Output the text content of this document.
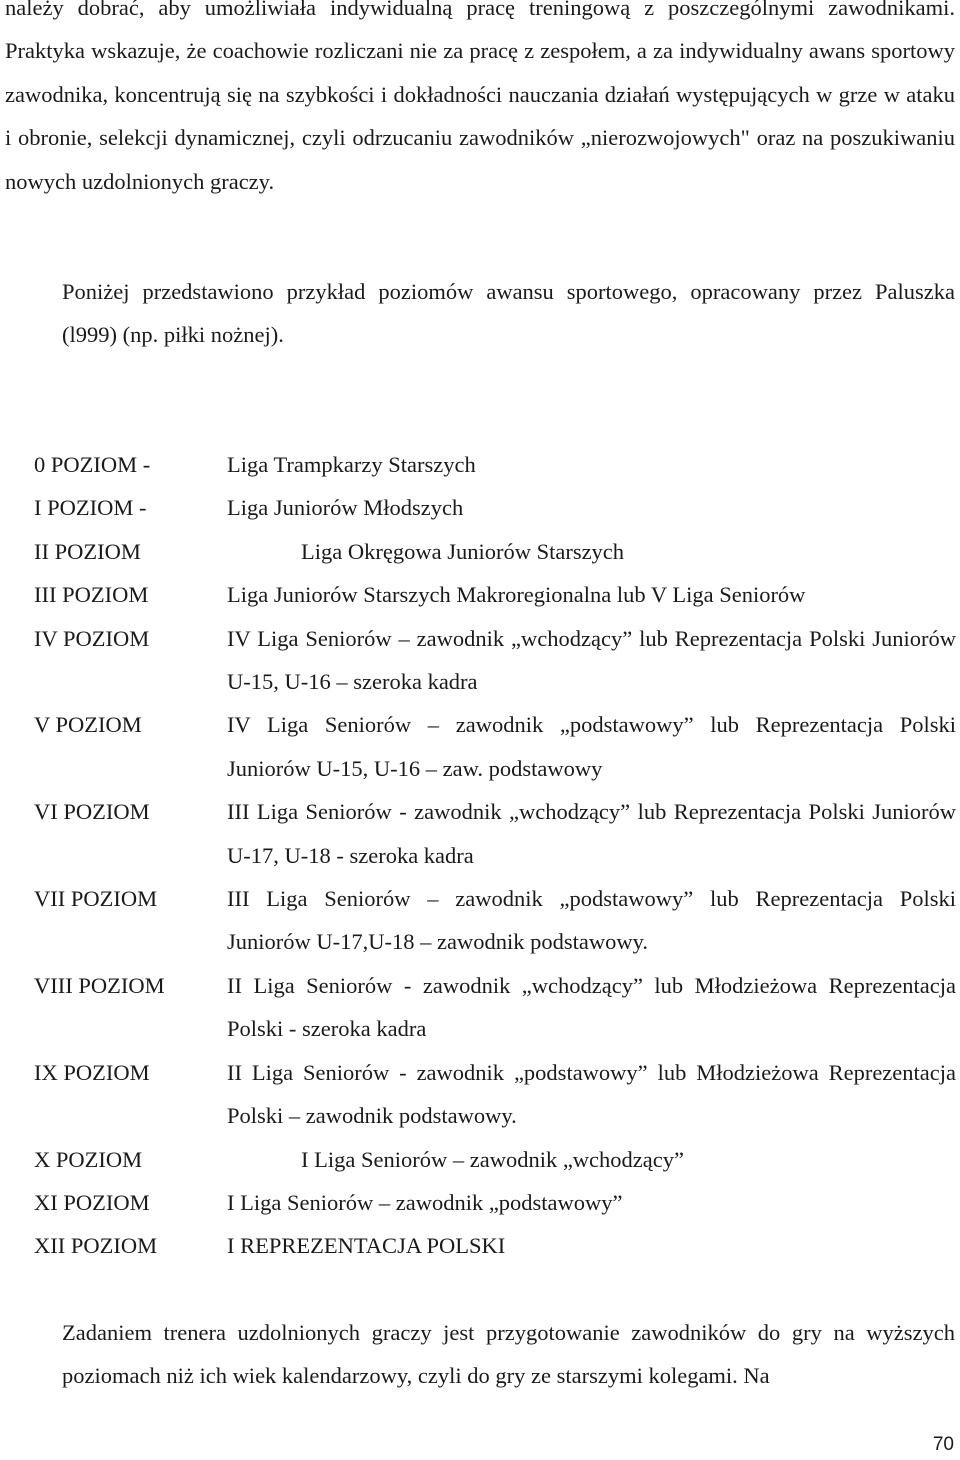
należy dobrać, aby umożliwiała indywidualną pracę treningową z poszczególnymi zawodnikami. Praktyka wskazuje, że coachowie rozliczani nie za pracę z zespołem, a za indywidualny awans sportowy zawodnika, koncentrują się na szybkości i dokładności nauczania działań występujących w grze w ataku i obronie, selekcji dynamicznej, czyli odrzucaniu zawodników „nierozwojowych" oraz na poszukiwaniu nowych uzdolnionych graczy.

Poniżej przedstawiono przykład poziomów awansu sportowego, opracowany przez Paluszka (l999) (np. piłki nożnej).

0 POZIOM -	Liga Trampkarzy Starszych
I POZIOM -	Liga Juniorów Młodszych
II POZIOM	Liga Okręgowa Juniorów Starszych
III POZIOM	Liga Juniorów Starszych Makroregionalna lub V Liga Seniorów
IV POZIOM	IV Liga Seniorów – zawodnik „wchodzący” lub Reprezentacja Polski Juniorów U-15, U-16 – szeroka kadra
V POZIOM	IV Liga Seniorów – zawodnik „podstawowy” lub Reprezentacja Polski Juniorów U-15, U-16 – zaw. podstawowy
VI POZIOM	III Liga Seniorów - zawodnik „wchodzący” lub Reprezentacja Polski Juniorów U-17, U-18 - szeroka kadra
VII POZIOM	III Liga Seniorów – zawodnik „podstawowy” lub Reprezentacja Polski Juniorów U-17,U-18 – zawodnik podstawowy.
VIII POZIOM	II Liga Seniorów - zawodnik „wchodzący” lub Młodzieżowa Reprezentacja Polski - szeroka kadra
IX POZIOM	II Liga Seniorów - zawodnik „podstawowy” lub Młodzieżowa Reprezentacja Polski – zawodnik podstawowy.
X POZIOM	I Liga Seniorów – zawodnik „wchodzący”
XI POZIOM	I Liga Seniorów – zawodnik „podstawowy”
XII POZIOM	I REPREZENTACJA POLSKI

Zadaniem trenera uzdolnionych graczy jest przygotowanie zawodników do gry na wyższych poziomach niż ich wiek kalendarzowy, czyli do gry ze starszymi kolegami. Na

70
